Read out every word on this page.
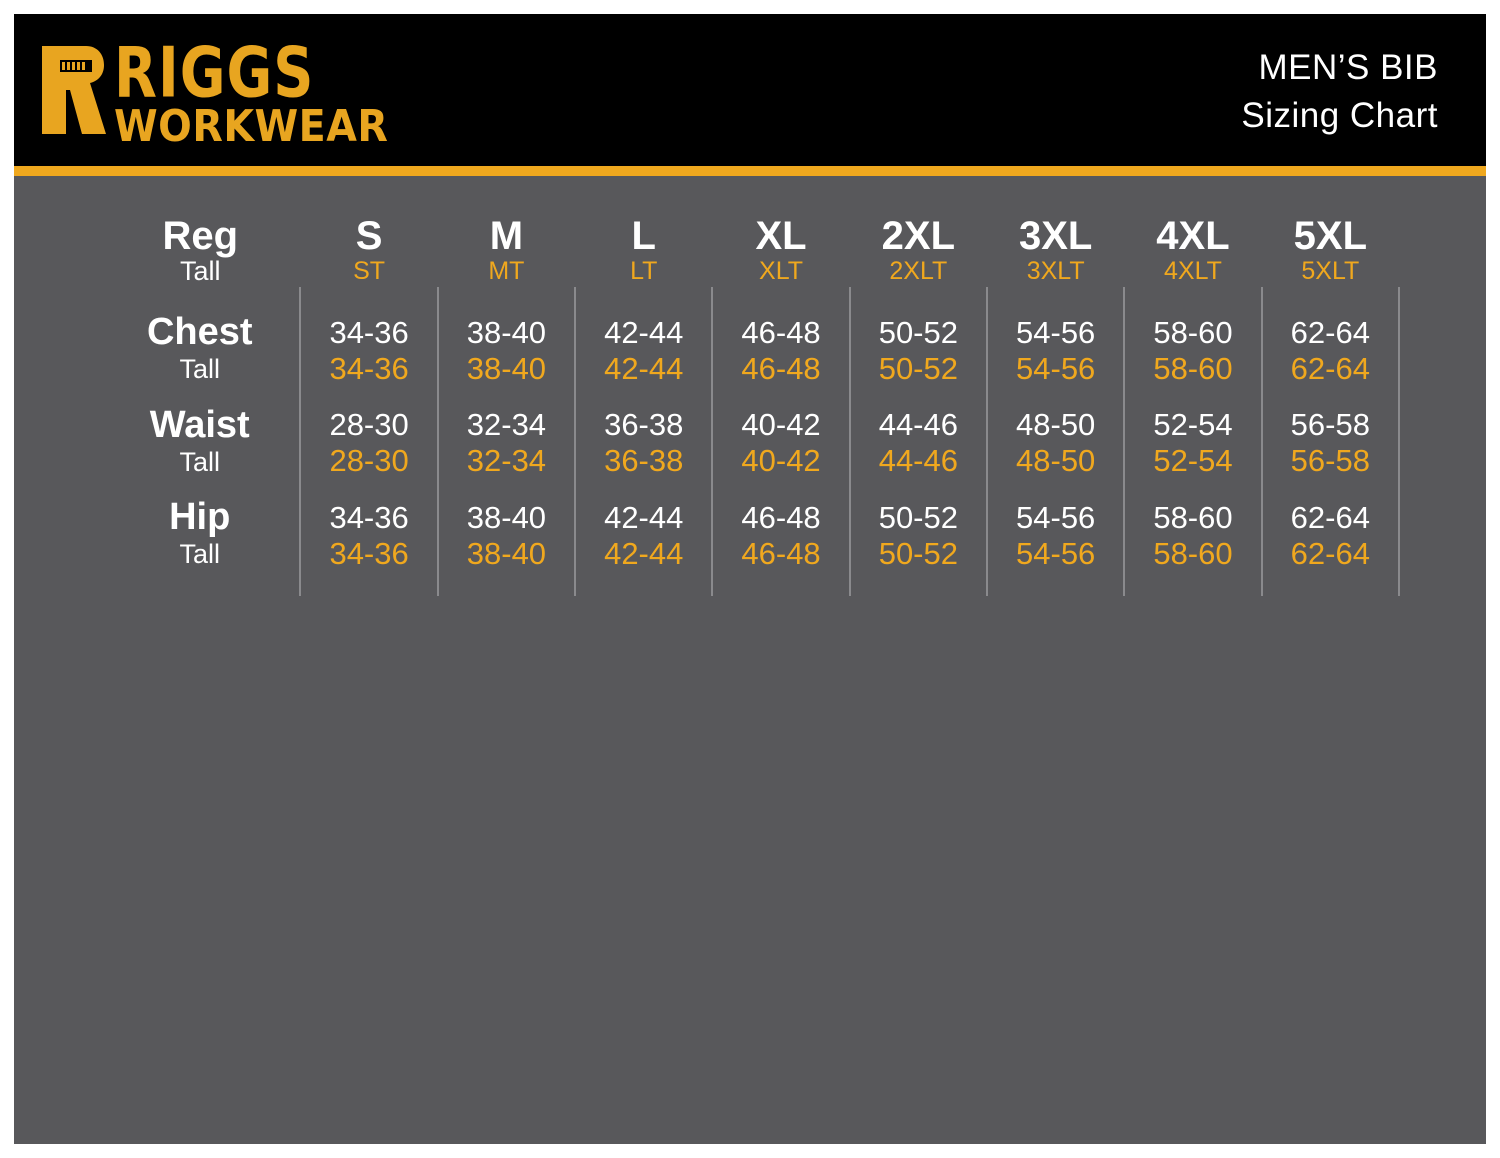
RIGGS
WORKWEAR
MEN’S BIB
Sizing Chart
Reg	S	M	L	XL	2XL	3XL	4XL	5XL
Tall	ST	MT	LT	XLT	2XLT	3XLT	4XLT	5XLT

Chest	34-36	38-40	42-44	46-48	50-52	54-56	58-60	62-64
Tall	34-36	38-40	42-44	46-48	50-52	54-56	58-60	62-64

Waist	28-30	32-34	36-38	40-42	44-46	48-50	52-54	56-58
Tall	28-30	32-34	36-38	40-42	44-46	48-50	52-54	56-58

Hip	34-36	38-40	42-44	46-48	50-52	54-56	58-60	62-64
Tall	34-36	38-40	42-44	46-48	50-52	54-56	58-60	62-64
